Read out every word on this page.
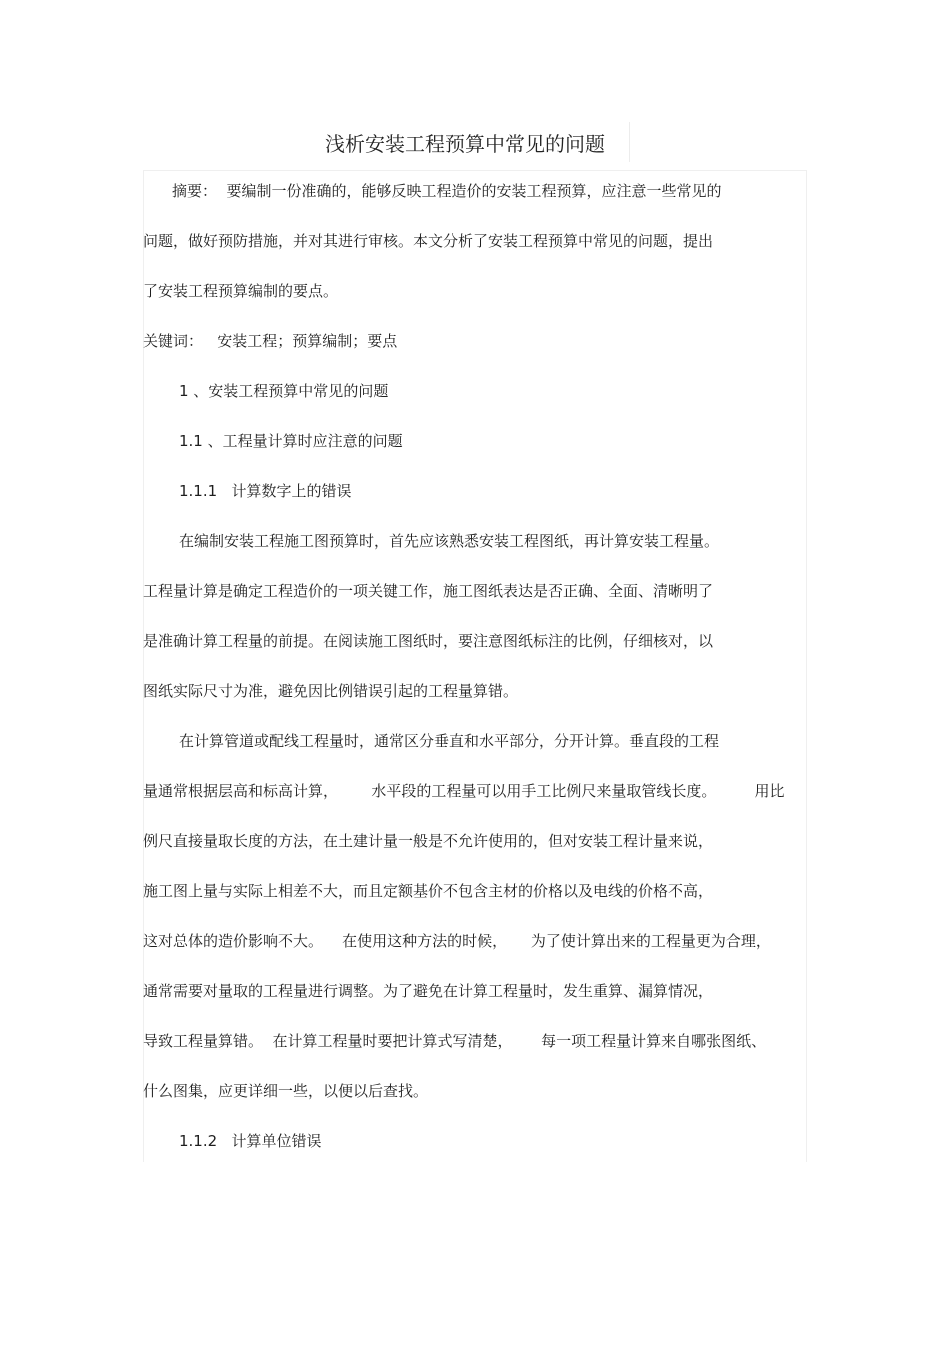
浅析安装工程预算中常见的问题
摘要：  要编制一份准确的，能够反映工程造价的安装工程预算，应注意一些常见的
问题，做好预防措施，并对其进行审核。本文分析了安装工程预算中常见的问题，提出
了安装工程预算编制的要点。
关键词：   安装工程；预算编制；要点
1 、安装工程预算中常见的问题
1.1 、工程量计算时应注意的问题
1.1.1   计算数字上的错误
在编制安装工程施工图预算时，首先应该熟悉安装工程图纸，再计算安装工程量。
工程量计算是确定工程造价的一项关键工作，施工图纸表达是否正确、全面、清晰明了
是准确计算工程量的前提。在阅读施工图纸时，要注意图纸标注的比例，仔细核对，以
图纸实际尺寸为准，避免因比例错误引起的工程量算错。
在计算管道或配线工程量时，通常区分垂直和水平部分，分开计算。垂直段的工程
量通常根据层高和标高计算，       水平段的工程量可以用手工比例尺来量取管线长度。        用比
例尺直接量取长度的方法，在土建计量一般是不允许使用的，但对安装工程计量来说，
施工图上量与实际上相差不大，而且定额基价不包含主材的价格以及电线的价格不高，
这对总体的造价影响不大。    在使用这种方法的时候，     为了使计算出来的工程量更为合理，
通常需要对量取的工程量进行调整。为了避免在计算工程量时，发生重算、漏算情况，
导致工程量算错。  在计算工程量时要把计算式写清楚，      每一项工程量计算来自哪张图纸、
什么图集，应更详细一些，以便以后查找。
1.1.2   计算单位错误
